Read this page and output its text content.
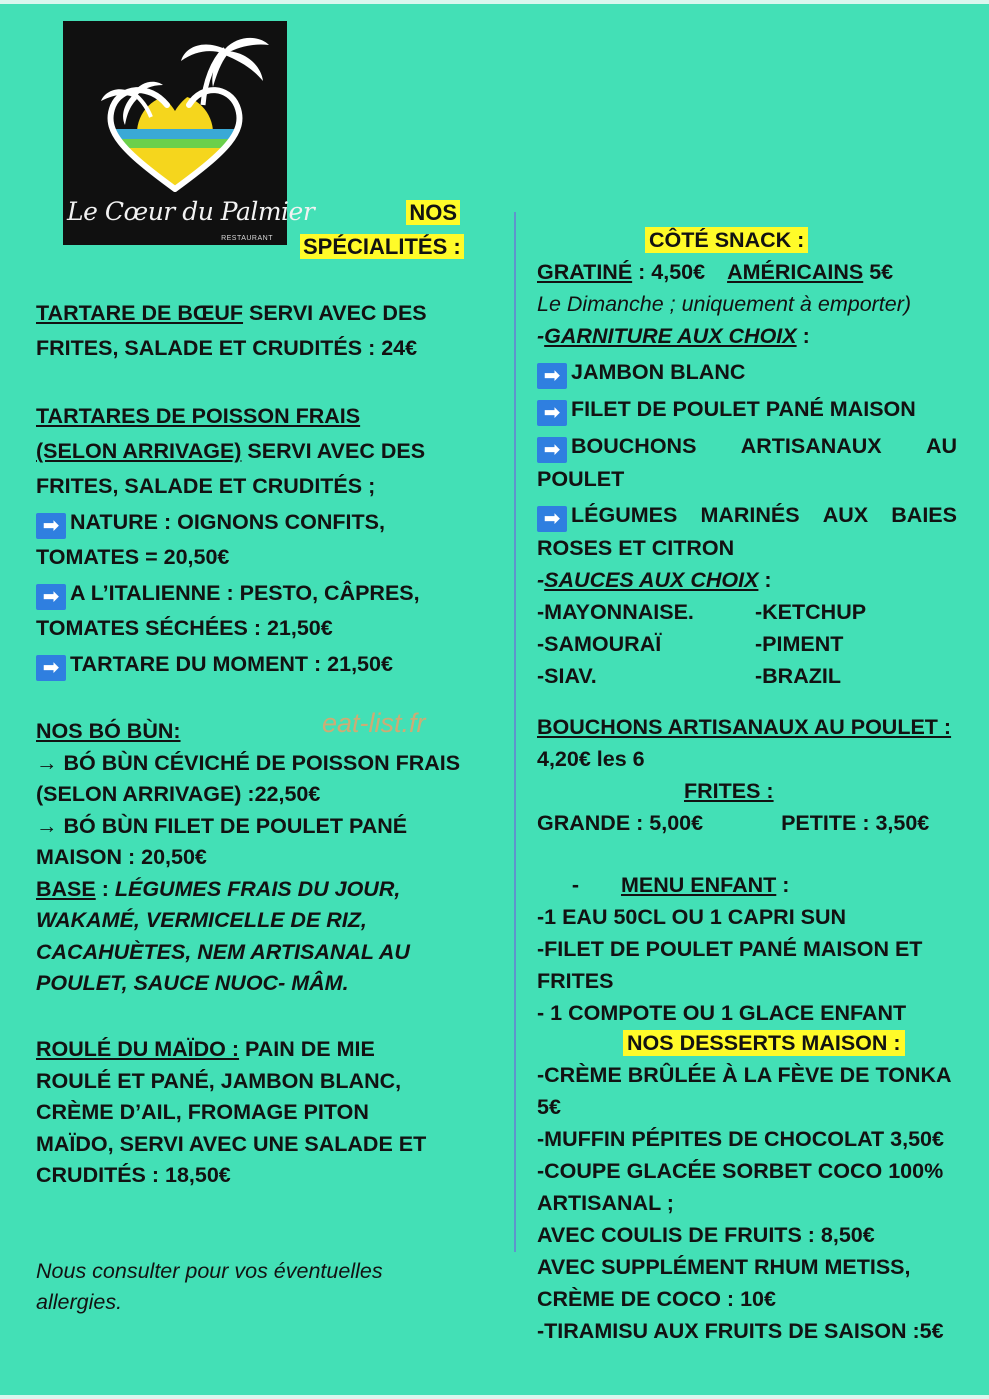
Le Cœur du Palmier
RESTAURANT
NOS
SPÉCIALITÉS :
TARTARE DE BŒUF SERVI AVEC DES
FRITES, SALADE ET CRUDITÉS : 24€
TARTARES DE POISSON FRAIS
(SELON ARRIVAGE) SERVI AVEC DES
FRITES, SALADE ET CRUDITÉS ;
➡ NATURE : OIGNONS CONFITS,
TOMATES = 20,50€
➡ A L’ITALIENNE : PESTO, CÂPRES,
TOMATES SÉCHÉES : 21,50€
➡ TARTARE DU MOMENT : 21,50€
NOS BÓ BÙN:
→ BÓ BÙN CÉVICHÉ DE POISSON FRAIS
(SELON ARRIVAGE) :22,50€
→ BÓ BÙN FILET DE POULET PANÉ
MAISON : 20,50€
BASE : LÉGUMES FRAIS DU JOUR,
WAKAMÉ, VERMICELLE DE RIZ,
CACAHUÈTES, NEM ARTISANAL AU
POULET, SAUCE NUOC- MÂM.
ROULÉ DU MAÏDO : PAIN DE MIE
ROULÉ ET PANÉ, JAMBON BLANC,
CRÈME D’AIL, FROMAGE PITON
MAÏDO, SERVI AVEC UNE SALADE ET
CRUDITÉS : 18,50€
eat-list.fr
Nous consulter pour vos éventuelles
allergies.
CÔTÉ SNACK :
GRATINÉ : 4,50€ AMÉRICAINS 5€
Le Dimanche ; uniquement à emporter)
-GARNITURE AUX CHOIX :
➡ JAMBON BLANC
➡ FILET DE POULET PANÉ MAISON
➡ BOUCHONS ARTISANAUX AU
POULET
➡ LÉGUMES MARINÉS AUX BAIES
ROSES ET CITRON
-SAUCES AUX CHOIX :
-MAYONNAISE.	-KETCHUP
-SAMOURAÏ	-PIMENT
-SIAV.	-BRAZIL
BOUCHONS ARTISANAUX AU POULET :
4,20€ les 6
FRITES :
GRANDE : 5,00€	PETITE : 3,50€
- MENU ENFANT :
-1 EAU 50CL OU 1 CAPRI SUN
-FILET DE POULET PANÉ MAISON ET
FRITES
- 1 COMPOTE OU 1 GLACE ENFANT
NOS DESSERTS MAISON :
-CRÈME BRÛLÉE À LA FÈVE DE TONKA
5€
-MUFFIN PÉPITES DE CHOCOLAT 3,50€
-COUPE GLACÉE SORBET COCO 100%
ARTISANAL ;
AVEC COULIS DE FRUITS : 8,50€
AVEC SUPPLÉMENT RHUM METISS,
CRÈME DE COCO : 10€
-TIRAMISU AUX FRUITS DE SAISON :5€
